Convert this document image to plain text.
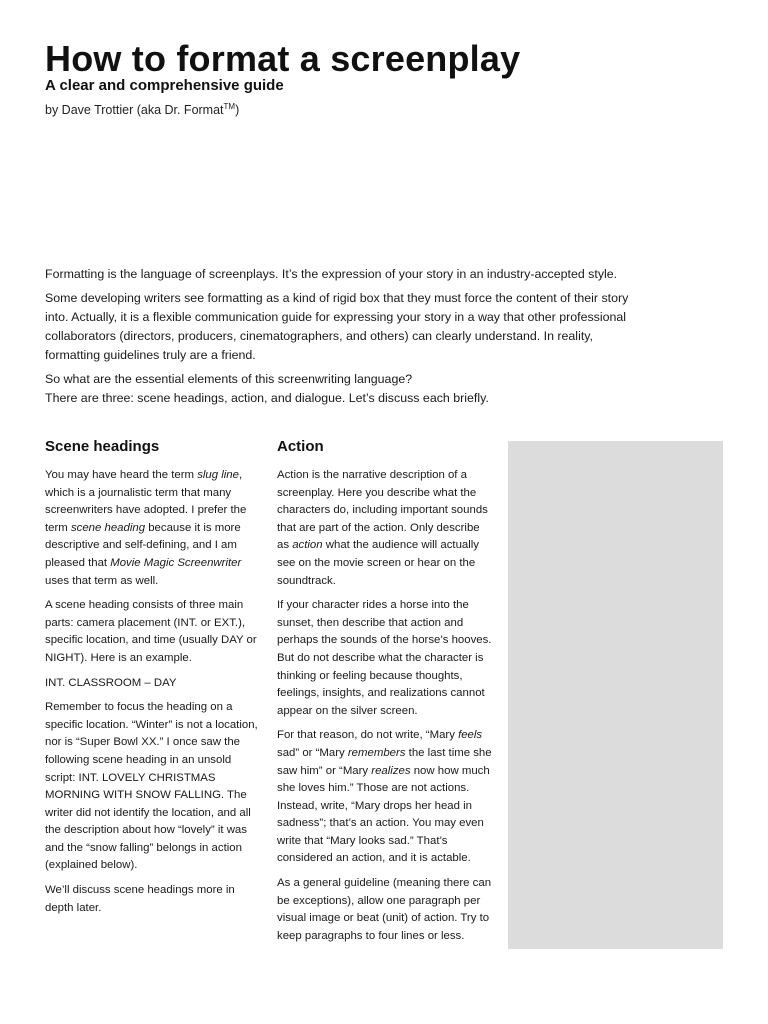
How to format a screenplay
A clear and comprehensive guide
by Dave Trottier (aka Dr. Format™)

Formatting is the language of screenplays. It’s the expression of your story in an industry-accepted style.

Some developing writers see formatting as a kind of rigid box that they must force the content of their story into. Actually, it is a flexible communication guide for expressing your story in a way that other professional collaborators (directors, producers, cinematographers, and others) can clearly understand. In reality, formatting guidelines truly are a friend.

So what are the essential elements of this screenwriting language?
There are three: scene headings, action, and dialogue. Let’s discuss each briefly.

Scene headings

You may have heard the term slug line, which is a journalistic term that many screenwriters have adopted. I prefer the term scene heading because it is more descriptive and self-defining, and I am pleased that Movie Magic Screenwriter uses that term as well.

A scene heading consists of three main parts: camera placement (INT. or EXT.), specific location, and time (usually DAY or NIGHT). Here is an example.

INT. CLASSROOM – DAY

Remember to focus the heading on a specific location. “Winter” is not a location, nor is “Super Bowl XX.” I once saw the following scene heading in an unsold script: INT. LOVELY CHRISTMAS MORNING WITH SNOW FALLING. The writer did not identify the location, and all the description about how “lovely” it was and the “snow falling” belongs in action (explained below).

We’ll discuss scene headings more in depth later.

Action

Action is the narrative description of a screenplay. Here you describe what the characters do, including important sounds that are part of the action. Only describe as action what the audience will actually see on the movie screen or hear on the soundtrack.

If your character rides a horse into the sunset, then describe that action and perhaps the sounds of the horse’s hooves. But do not describe what the character is thinking or feeling because thoughts, feelings, insights, and realizations cannot appear on the silver screen.

For that reason, do not write, “Mary feels sad” or “Mary remembers the last time she saw him” or “Mary realizes now how much she loves him.” Those are not actions. Instead, write, “Mary drops her head in sadness”; that’s an action. You may even write that “Mary looks sad.” That’s considered an action, and it is actable.

As a general guideline (meaning there can be exceptions), allow one paragraph per visual image or beat (unit) of action. Try to keep paragraphs to four lines or less.
